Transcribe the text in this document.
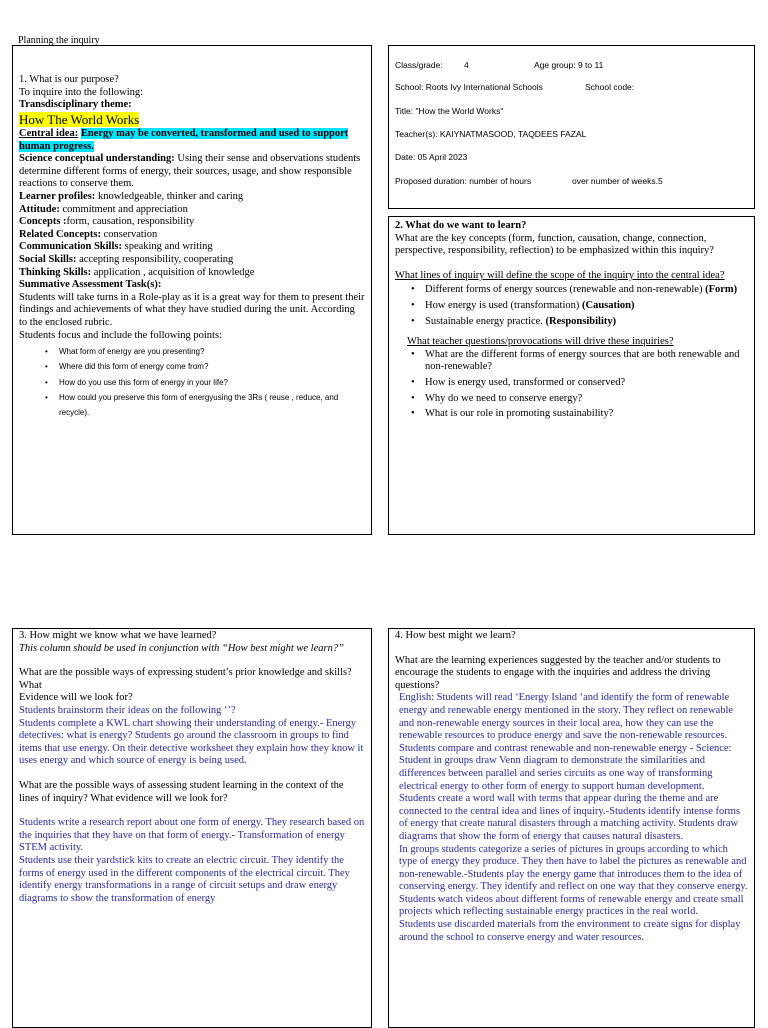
Planning the inquiry

1. What is our purpose?

To inquire into the following:

Transdisciplinary theme:

How The World Works

Central idea: Energy may be converted, transformed and used to support human progress.

Science conceptual understanding: Using their sense and observations students determine different forms of energy, their sources, usage, and show responsible reactions to conserve them.

Learner profiles: knowledgeable, thinker and caring

Attitude: commitment and appreciation

Concepts :form, causation, responsibility

Related Concepts: conservation

Communication Skills: speaking and writing

Social Skills: accepting responsibility, cooperating

Thinking Skills: application , acquisition of knowledge

Summative Assessment Task(s):

Students will take turns in a Role-play as it is a great way for them to present their findings and achievements of what they have studied during the unit. According to the enclosed rubric.

Students focus and include the following points:

• What form of energy are you presenting?
• Where did this form of energy come from?
• How do you use this form of energy in your life?
• How could you preserve this form of energyusing the 3Rs ( reuse , reduce, and recycle).
Class/grade:	4	Age group: 9 to 11
School: Roots Ivy International Schools	School code:
Title: "How the World Works"
Teacher(s): KAIYNATMASOOD, TAQDEES FAZAL
Date: 05 April 2023
Proposed duration: number of hours	over number of weeks.5

2. What do we want to learn?

What are the key concepts (form, function, causation, change, connection, perspective, responsibility, reflection) to be emphasized within this inquiry?

What lines of inquiry will define the scope of the inquiry into the central idea?

• Different forms of energy sources (renewable and non-renewable) (Form)
• How energy is used (transformation) (Causation)
• Sustainable energy practice. (Responsibility)

What teacher questions/provocations will drive these inquiries?

• What are the different forms of energy sources that are both renewable and non-renewable?
• How is energy used, transformed or conserved?
• Why do we need to conserve energy?
• What is our role in promoting sustainability?

3. How might we know what we have learned?

This column should be used in conjunction with “How best might we learn?”

What are the possible ways of expressing student’s prior knowledge and skills? What

Evidence will we look for?

Students brainstorm their ideas on the following ‘’?

Students complete a KWL chart showing their understanding of energy.- Energy detectives: what is energy? Students go around the classroom in groups to find items that use energy. On their detective worksheet they explain how they know it uses energy and which source of energy is being used.

What are the possible ways of assessing student learning in the context of the lines of inquiry? What evidence will we look for?

Students write a research report about one form of energy. They research based on the inquiries that they have on that form of energy.- Transformation of energy STEM activity.

Students use their yardstick kits to create an electric circuit. They identify the forms of energy used in the different components of the electrical circuit. They identify energy transformations in a range of circuit setups and draw energy diagrams to show the transformation of energy

4. How best might we learn?

What are the learning experiences suggested by the teacher and/or students to encourage the students to engage with the inquiries and address the driving questions?

English: Students will read ‘Energy Island ‘and identify the form of renewable energy and renewable energy mentioned in the story. They reflect on renewable and non-renewable energy sources in their local area, how they can use the renewable resources to produce energy and save the non-renewable resources.

Students compare and contrast renewable and non-renewable energy - Science: Student in groups draw Venn diagram to demonstrate the similarities and differences between parallel and series circuits as one way of transforming electrical energy to other form of energy to support human development.

Students create a word wall with terms that appear during the theme and are connected to the central idea and lines of inquiry.-Students identify intense forms of energy that create natural disasters through a matching activity. Students draw diagrams that show the form of energy that causes natural disasters.

In groups students categorize a series of pictures in groups according to which type of energy they produce. They then have to label the pictures as renewable and non-renewable.-Students play the energy game that introduces them to the idea of conserving energy. They identify and reflect on one way that they conserve energy.

Students watch videos about different forms of renewable energy and create small projects which reflecting sustainable energy practices in the real world.

Students use discarded materials from the environment to create signs for display around the school to conserve energy and water resources.
